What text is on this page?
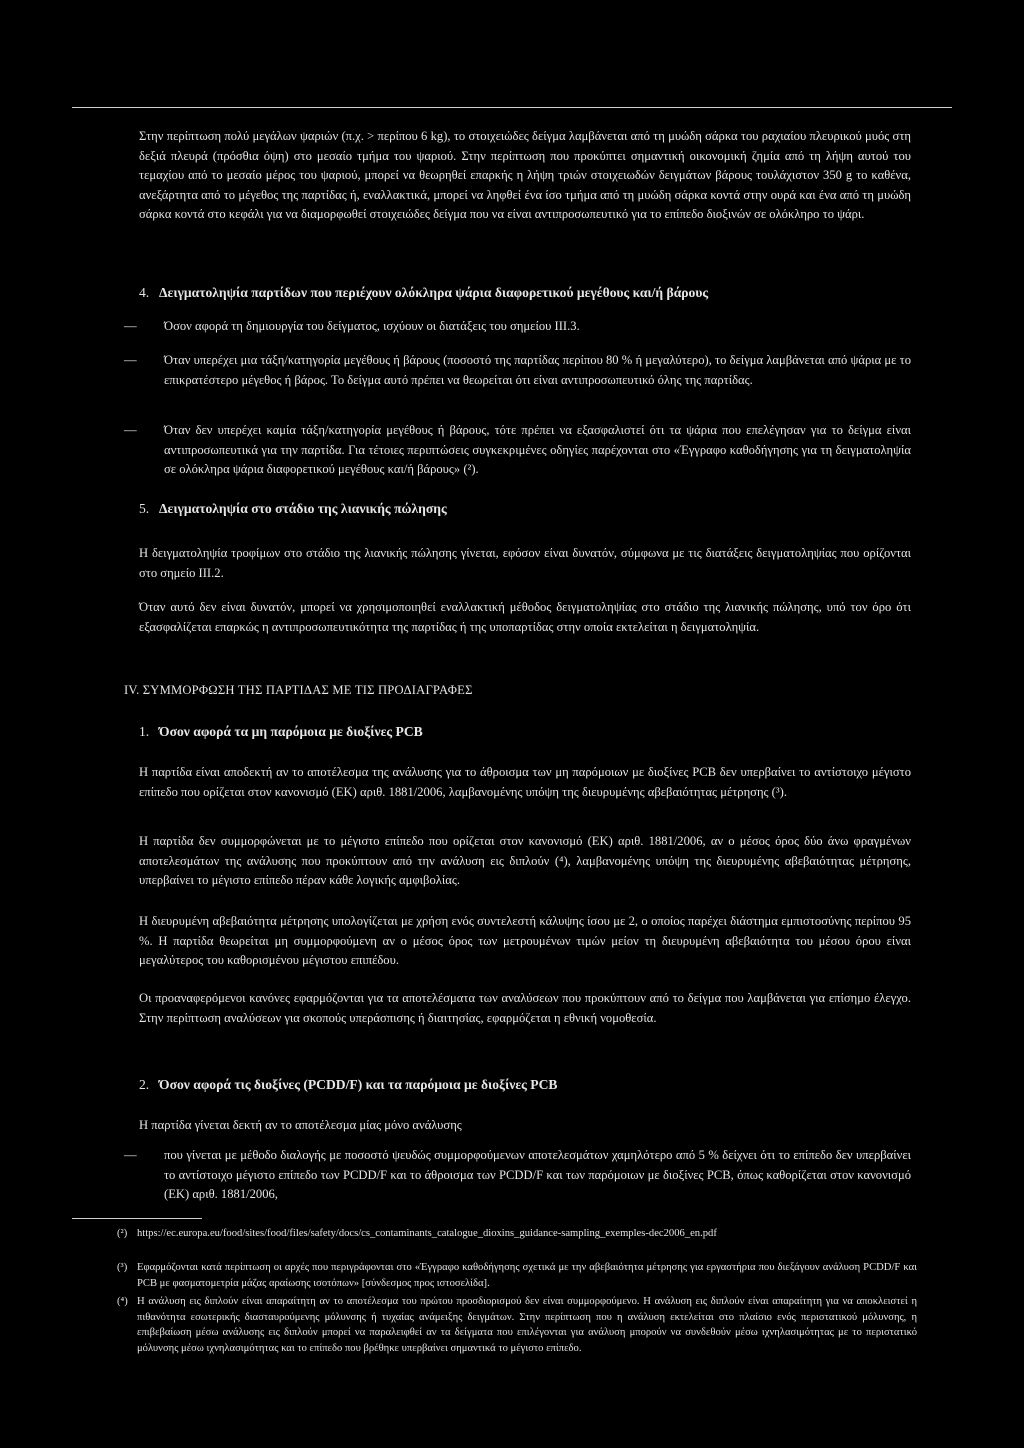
Στην περίπτωση πολύ μεγάλων ψαριών (π.χ. > περίπου 6 kg), το στοιχειώδες δείγμα λαμβάνεται από τη μυώδη σάρκα του ραχιαίου πλευρικού μυός στη δεξιά πλευρά (πρόσθια όψη) στο μεσαίο τμήμα του ψαριού. Στην περίπτωση που προκύπτει σημαντική οικονομική ζημία από τη λήψη αυτού του τεμαχίου από το μεσαίο μέρος του ψαριού, μπορεί να θεωρηθεί επαρκής η λήψη τριών στοιχειωδών δειγμάτων βάρους τουλάχιστον 350 g το καθένα, ανεξάρτητα από το μέγεθος της παρτίδας ή, εναλλακτικά, μπορεί να ληφθεί ένα ίσο τμήμα από τη μυώδη σάρκα κοντά στην ουρά και ένα από τη μυώδη σάρκα κοντά στο κεφάλι για να διαμορφωθεί στοιχειώδες δείγμα που να είναι αντιπροσωπευτικό για το επίπεδο διοξινών σε ολόκληρο το ψάρι.
4. Δειγματοληψία παρτίδων που περιέχουν ολόκληρα ψάρια διαφορετικού μεγέθους και/ή βάρους
— Όσον αφορά τη δημιουργία του δείγματος, ισχύουν οι διατάξεις του σημείου III.3.
— Όταν υπερέχει μια τάξη/κατηγορία μεγέθους ή βάρους (ποσοστό της παρτίδας περίπου 80 % ή μεγαλύτερο), το δείγμα λαμβάνεται από ψάρια με το επικρατέστερο μέγεθος ή βάρος. Το δείγμα αυτό πρέπει να θεωρείται ότι είναι αντιπροσωπευτικό όλης της παρτίδας.
— Όταν δεν υπερέχει καμία τάξη/κατηγορία μεγέθους ή βάρους, τότε πρέπει να εξασφαλιστεί ότι τα ψάρια που επελέγησαν για το δείγμα είναι αντιπροσωπευτικά για την παρτίδα. Για τέτοιες περιπτώσεις συγκεκριμένες οδηγίες παρέχονται στο «Έγγραφο καθοδήγησης για τη δειγματοληψία σε ολόκληρα ψάρια διαφορετικού μεγέθους και/ή βάρους» (²).
5. Δειγματοληψία στο στάδιο της λιανικής πώλησης
Η δειγματοληψία τροφίμων στο στάδιο της λιανικής πώλησης γίνεται, εφόσον είναι δυνατόν, σύμφωνα με τις διατάξεις δειγματοληψίας που ορίζονται στο σημείο III.2.
Όταν αυτό δεν είναι δυνατόν, μπορεί να χρησιμοποιηθεί εναλλακτική μέθοδος δειγματοληψίας στο στάδιο της λιανικής πώλησης, υπό τον όρο ότι εξασφαλίζεται επαρκώς η αντιπροσωπευτικότητα της παρτίδας ή της υποπαρτίδας στην οποία εκτελείται η δειγματοληψία.
IV. ΣΥΜΜΟΡΦΩΣΗ ΤΗΣ ΠΑΡΤΙΔΑΣ ΜΕ ΤΙΣ ΠΡΟΔΙΑΓΡΑΦΕΣ
1. Όσον αφορά τα μη παρόμοια με διοξίνες PCB
Η παρτίδα είναι αποδεκτή αν το αποτέλεσμα της ανάλυσης για το άθροισμα των μη παρόμοιων με διοξίνες PCB δεν υπερβαίνει το αντίστοιχο μέγιστο επίπεδο που ορίζεται στον κανονισμό (ΕΚ) αριθ. 1881/2006, λαμβανομένης υπόψη της διευρυμένης αβεβαιότητας μέτρησης (³).
Η παρτίδα δεν συμμορφώνεται με το μέγιστο επίπεδο που ορίζεται στον κανονισμό (ΕΚ) αριθ. 1881/2006, αν ο μέσος όρος δύο άνω φραγμένων αποτελεσμάτων της ανάλυσης που προκύπτουν από την ανάλυση εις διπλούν (⁴), λαμβανομένης υπόψη της διευρυμένης αβεβαιότητας μέτρησης, υπερβαίνει το μέγιστο επίπεδο πέραν κάθε λογικής αμφιβολίας.
Η διευρυμένη αβεβαιότητα μέτρησης υπολογίζεται με χρήση ενός συντελεστή κάλυψης ίσου με 2, ο οποίος παρέχει διάστημα εμπιστοσύνης περίπου 95 %. Η παρτίδα θεωρείται μη συμμορφούμενη αν ο μέσος όρος των μετρουμένων τιμών μείον τη διευρυμένη αβεβαιότητα του μέσου όρου είναι μεγαλύτερος του καθορισμένου μέγιστου επιπέδου.
Οι προαναφερόμενοι κανόνες εφαρμόζονται για τα αποτελέσματα των αναλύσεων που προκύπτουν από το δείγμα που λαμβάνεται για επίσημο έλεγχο. Στην περίπτωση αναλύσεων για σκοπούς υπεράσπισης ή διαιτησίας, εφαρμόζεται η εθνική νομοθεσία.
2. Όσον αφορά τις διοξίνες (PCDD/F) και τα παρόμοια με διοξίνες PCB
Η παρτίδα γίνεται δεκτή αν το αποτέλεσμα μίας μόνο ανάλυσης
— που γίνεται με μέθοδο διαλογής με ποσοστό ψευδώς συμμορφούμενων αποτελεσμάτων χαμηλότερο από 5 % δείχνει ότι το επίπεδο δεν υπερβαίνει το αντίστοιχο μέγιστο επίπεδο των PCDD/F και το άθροισμα των PCDD/F και των παρόμοιων με διοξίνες PCB, όπως καθορίζεται στον κανονισμό (ΕΚ) αριθ. 1881/2006,
(²) https://ec.europa.eu/food/sites/food/files/safety/docs/cs_contaminants_catalogue_dioxins_guidance-sampling_exemples-dec2006_en.pdf
(³) Εφαρμόζονται κατά περίπτωση οι αρχές που περιγράφονται στο «Έγγραφο καθοδήγησης σχετικά με την αβεβαιότητα μέτρησης για εργαστήρια που διεξάγουν ανάλυση PCDD/F και PCB με φασματομετρία μάζας αραίωσης ισοτόπων» [σύνδεσμος προς ιστοσελίδα].
(⁴) Η ανάλυση εις διπλούν είναι απαραίτητη αν το αποτέλεσμα του πρώτου προσδιορισμού δεν είναι συμμορφούμενο. Η ανάλυση εις διπλούν είναι απαραίτητη για να αποκλειστεί η πιθανότητα εσωτερικής διασταυρούμενης μόλυνσης ή τυχαίας ανάμειξης δειγμάτων. Στην περίπτωση που η ανάλυση εκτελείται στο πλαίσιο ενός περιστατικού μόλυνσης, η επιβεβαίωση μέσω ανάλυσης εις διπλούν μπορεί να παραλειφθεί αν τα δείγματα που επιλέγονται για ανάλυση μπορούν να συνδεθούν μέσω ιχνηλασιμότητας με το περιστατικό μόλυνσης μέσω ιχνηλασιμότητας και το επίπεδο που βρέθηκε υπερβαίνει σημαντικά το μέγιστο επίπεδο.
